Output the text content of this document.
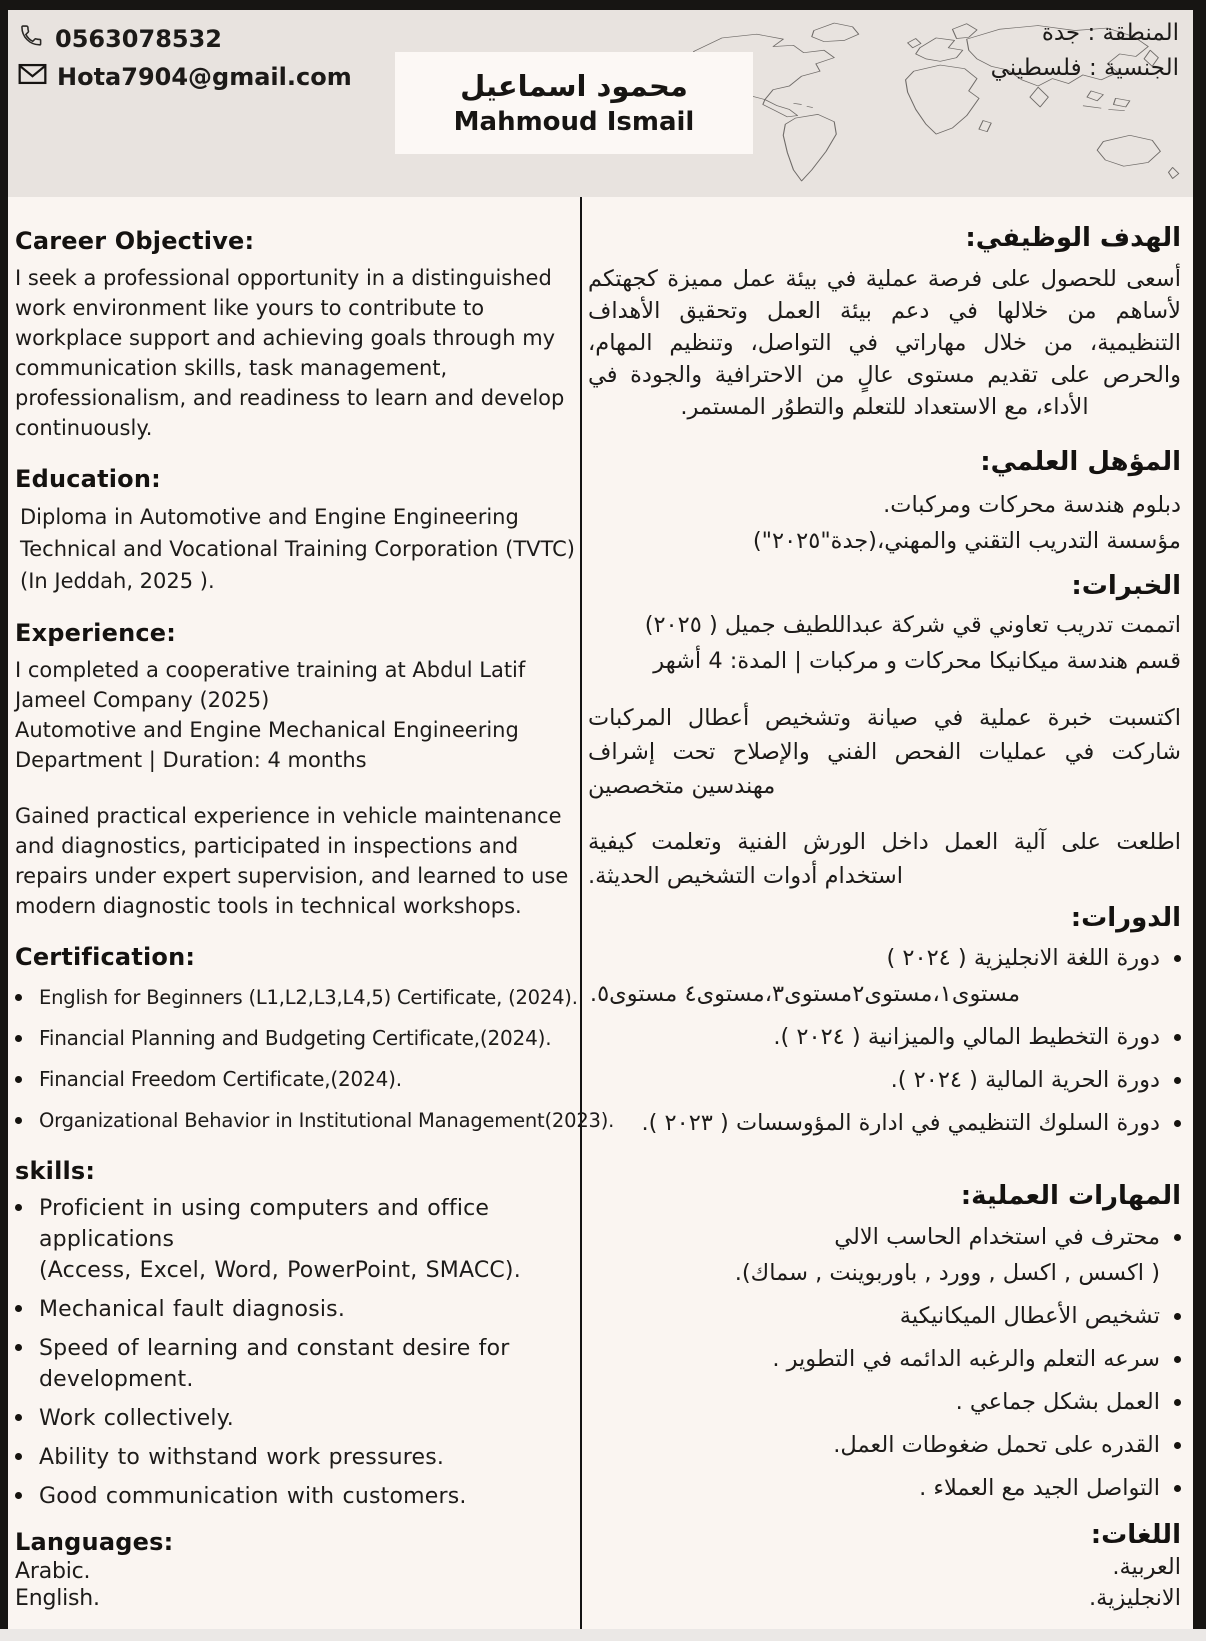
0563078532
Hota7904@gmail.com	محمود اسماعيل
Mahmoud Ismail
المنطقة : جدة
الجنسية : فلسطيني
Career Objective:

I seek a professional opportunity in a distinguished work environment like yours to contribute to workplace support and achieving goals through my communication skills, task management, professionalism, and readiness to learn and develop continuously.

Education:
Diploma in Automotive and Engine Engineering
Technical and Vocational Training Corporation (TVTC)
(In Jeddah, 2025 ).
Experience:

I completed a cooperative training at Abdul Latif Jameel Company (2025)
Automotive and Engine Mechanical Engineering Department | Duration: 4 months

Gained practical experience in vehicle maintenance and diagnostics, participated in inspections and repairs under expert supervision, and learned to use modern diagnostic tools in technical workshops.

Certification:
English for Beginners (L1,L2,L3,L4,5) Certificate, (2024).
Financial Planning and Budgeting Certificate,(2024).
Financial Freedom Certificate,(2024).
Organizational Behavior in Institutional Management(2023).
skills:
Proficient in using computers and office applications
(Access, Excel, Word, PowerPoint, SMACC).
Mechanical fault diagnosis.
Speed of learning and constant desire for development.
Work collectively.
Ability to withstand work pressures.
Good communication with customers.
Languages:
Arabic.
English.
الهدف الوظيفي:

أسعى للحصول على فرصة عملية في بيئة عمل مميزة كجهتكم لأساهم من خلالها في دعم بيئة العمل وتحقيق الأهداف التنظيمية، من خلال مهاراتي في التواصل، وتنظيم المهام، والحرص على تقديم مستوى عالٍ من الاحترافية والجودة في الأداء، مع الاستعداد للتعلم والتطوُر المستمر.

المؤهل العلمي:
دبلوم هندسة محركات ومركبات.
مؤسسة التدريب التقني والمهني،(جدة"٢٠٢٥")
الخبرات:
اتممت تدريب تعاوني قي شركة عبداللطيف جميل ( ٢٠٢٥)
قسم هندسة ميكانيكا محركات و مركبات | المدة: 4 أشهر

اكتسبت خبرة عملية في صيانة وتشخيص أعطال المركبات شاركت في عمليات الفحص الفني والإصلاح تحت إشراف مهندسين متخصصين

اطلعت على آلية العمل داخل الورش الفنية وتعلمت كيفية استخدام أدوات التشخيص الحديثة.

الدورات:
دورة اللغة الانجليزية ( ٢٠٢٤ )
مستوى١،مستوى٢مستوى٣،مستوى٤ مستوى٥.
دورة التخطيط المالي والميزانية ( ٢٠٢٤ ).
دورة الحرية المالية ( ٢٠٢٤ ).
دورة السلوك التنظيمي في ادارة المؤوسسات ( ٢٠٢٣ ).
المهارات العملية:
محترف في استخدام الحاسب الالي
( اكسس , اكسل , وورد , باوربوينت , سماك).
تشخيص الأعطال الميكانيكية
سرعه التعلم والرغبه الدائمه في التطوير .
العمل بشكل جماعي .
القدره على تحمل ضغوطات العمل.
التواصل الجيد مع العملاء .
اللغات:
العربية.
الانجليزية.
